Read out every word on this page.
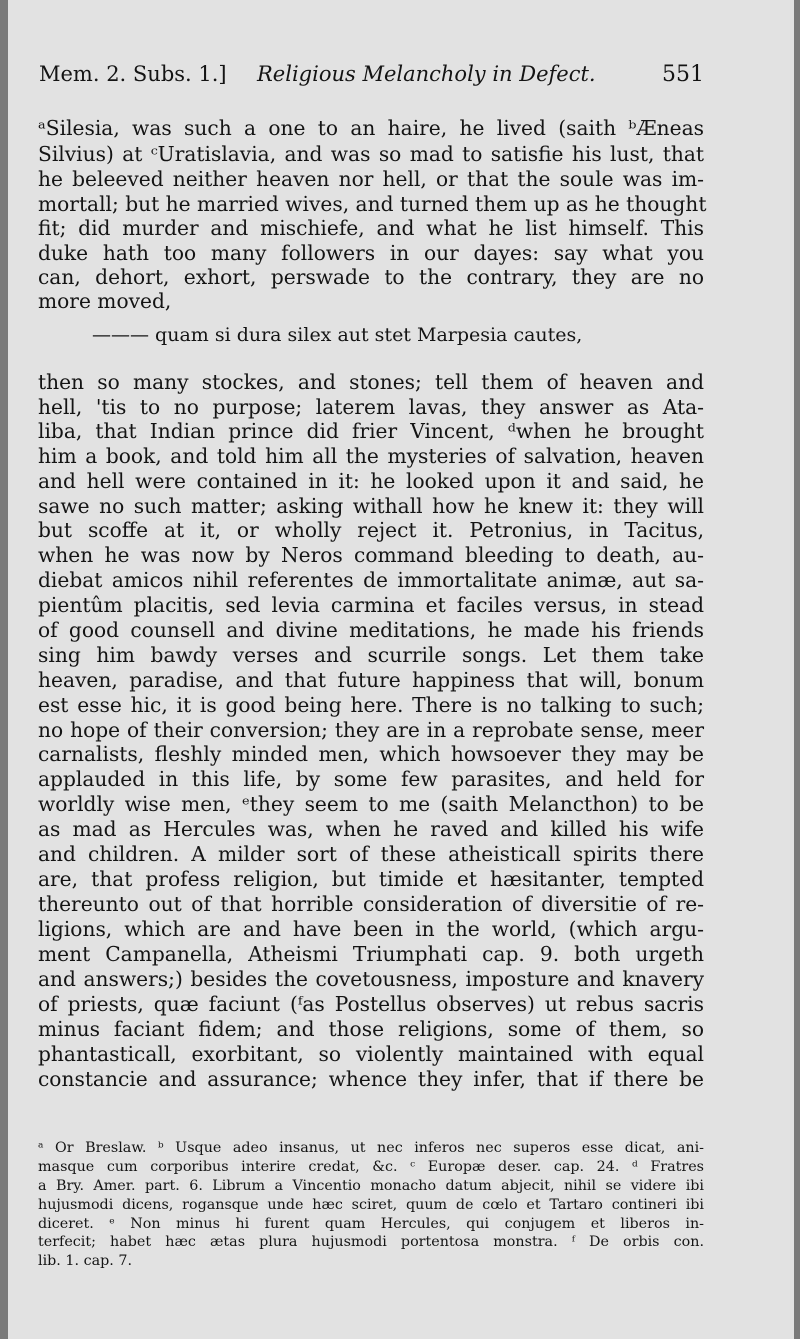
Mem. 2. Subs. 1.] Religious Melancholy in Defect.	551
ᵃSilesia, was such a one to an haire, he lived (saith ᵇÆneas
Silvius) at ᶜUratislavia, and was so mad to satisfie his lust, that
he beleeved neither heaven nor hell, or that the soule was im-
mortall; but he married wives, and turned them up as he thought
fit; did murder and mischiefe, and what he list himself. This
duke hath too many followers in our dayes: say what you
can, dehort, exhort, perswade to the contrary, they are no
more moved,
——— quam si dura silex aut stet Marpesia cautes,
then so many stockes, and stones; tell them of heaven and
hell, 'tis to no purpose; laterem lavas, they answer as Ata-
liba, that Indian prince did frier Vincent, ᵈwhen he brought
him a book, and told him all the mysteries of salvation, heaven
and hell were contained in it: he looked upon it and said, he
sawe no such matter; asking withall how he knew it: they will
but scoffe at it, or wholly reject it. Petronius, in Tacitus,
when he was now by Neros command bleeding to death, au-
diebat amicos nihil referentes de immortalitate animæ, aut sa-
pientûm placitis, sed levia carmina et faciles versus, in stead
of good counsell and divine meditations, he made his friends
sing him bawdy verses and scurrile songs. Let them take
heaven, paradise, and that future happiness that will, bonum
est esse hic, it is good being here. There is no talking to such;
no hope of their conversion; they are in a reprobate sense, meer
carnalists, fleshly minded men, which howsoever they may be
applauded in this life, by some few parasites, and held for
worldly wise men, ᵉthey seem to me (saith Melancthon) to be
as mad as Hercules was, when he raved and killed his wife
and children. A milder sort of these atheisticall spirits there
are, that profess religion, but timide et hæsitanter, tempted
thereunto out of that horrible consideration of diversitie of re-
ligions, which are and have been in the world, (which argu-
ment Campanella, Atheismi Triumphati cap. 9. both urgeth
and answers;) besides the covetousness, imposture and knavery
of priests, quæ faciunt (ᶠas Postellus observes) ut rebus sacris
minus faciant fidem; and those religions, some of them, so
phantasticall, exorbitant, so violently maintained with equal
constancie and assurance; whence they infer, that if there be
ᵃ Or Breslaw. ᵇ Usque adeo insanus, ut nec inferos nec superos esse dicat, ani-
masque cum corporibus interire credat, &c. ᶜ Europæ deser. cap. 24. ᵈ Fratres
a Bry. Amer. part. 6. Librum a Vincentio monacho datum abjecit, nihil se videre ibi
hujusmodi dicens, rogansque unde hæc sciret, quum de cœlo et Tartaro contineri ibi
diceret. ᵉ Non minus hi furent quam Hercules, qui conjugem et liberos in-
terfecit; habet hæc ætas plura hujusmodi portentosa monstra. ᶠ De orbis con.
lib. 1. cap. 7.
